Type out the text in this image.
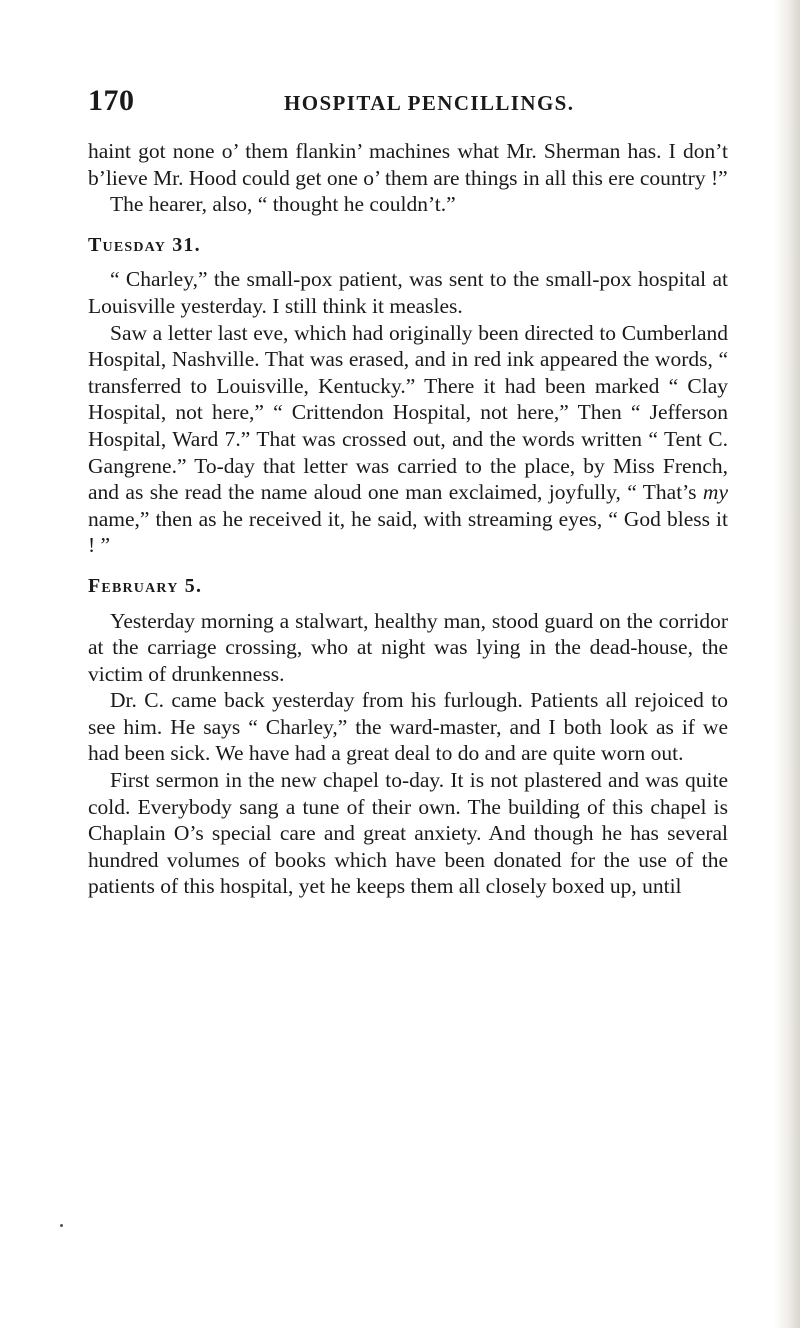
170	HOSPITAL PENCILLINGS.

haint got none o’ them flankin’ machines what Mr. Sherman has. I don’t b’lieve Mr. Hood could get one o’ them are things in all this ere country !”

The hearer, also, “ thought he couldn’t.”

Tuesday 31.

“ Charley,” the small-pox patient, was sent to the small-pox hospital at Louisville yesterday. I still think it measles.

Saw a letter last eve, which had originally been directed to Cumberland Hospital, Nashville. That was erased, and in red ink appeared the words, “ transferred to Louisville, Kentucky.” There it had been marked “ Clay Hospital, not here,” “ Crittendon Hospital, not here,” Then “ Jefferson Hospital, Ward 7.” That was crossed out, and the words written “ Tent C. Gangrene.” To-day that letter was carried to the place, by Miss French, and as she read the name aloud one man exclaimed, joyfully, “ That’s my name,” then as he received it, he said, with streaming eyes, “ God bless it ! ”

February 5.

Yesterday morning a stalwart, healthy man, stood guard on the corridor at the carriage crossing, who at night was lying in the dead-house, the victim of drunkenness.

Dr. C. came back yesterday from his furlough. Patients all rejoiced to see him. He says “ Charley,” the ward-master, and I both look as if we had been sick. We have had a great deal to do and are quite worn out.

First sermon in the new chapel to-day. It is not plastered and was quite cold. Everybody sang a tune of their own. The building of this chapel is Chaplain O’s special care and great anxiety. And though he has several hundred volumes of books which have been donated for the use of the patients of this hospital, yet he keeps them all closely boxed up, until
